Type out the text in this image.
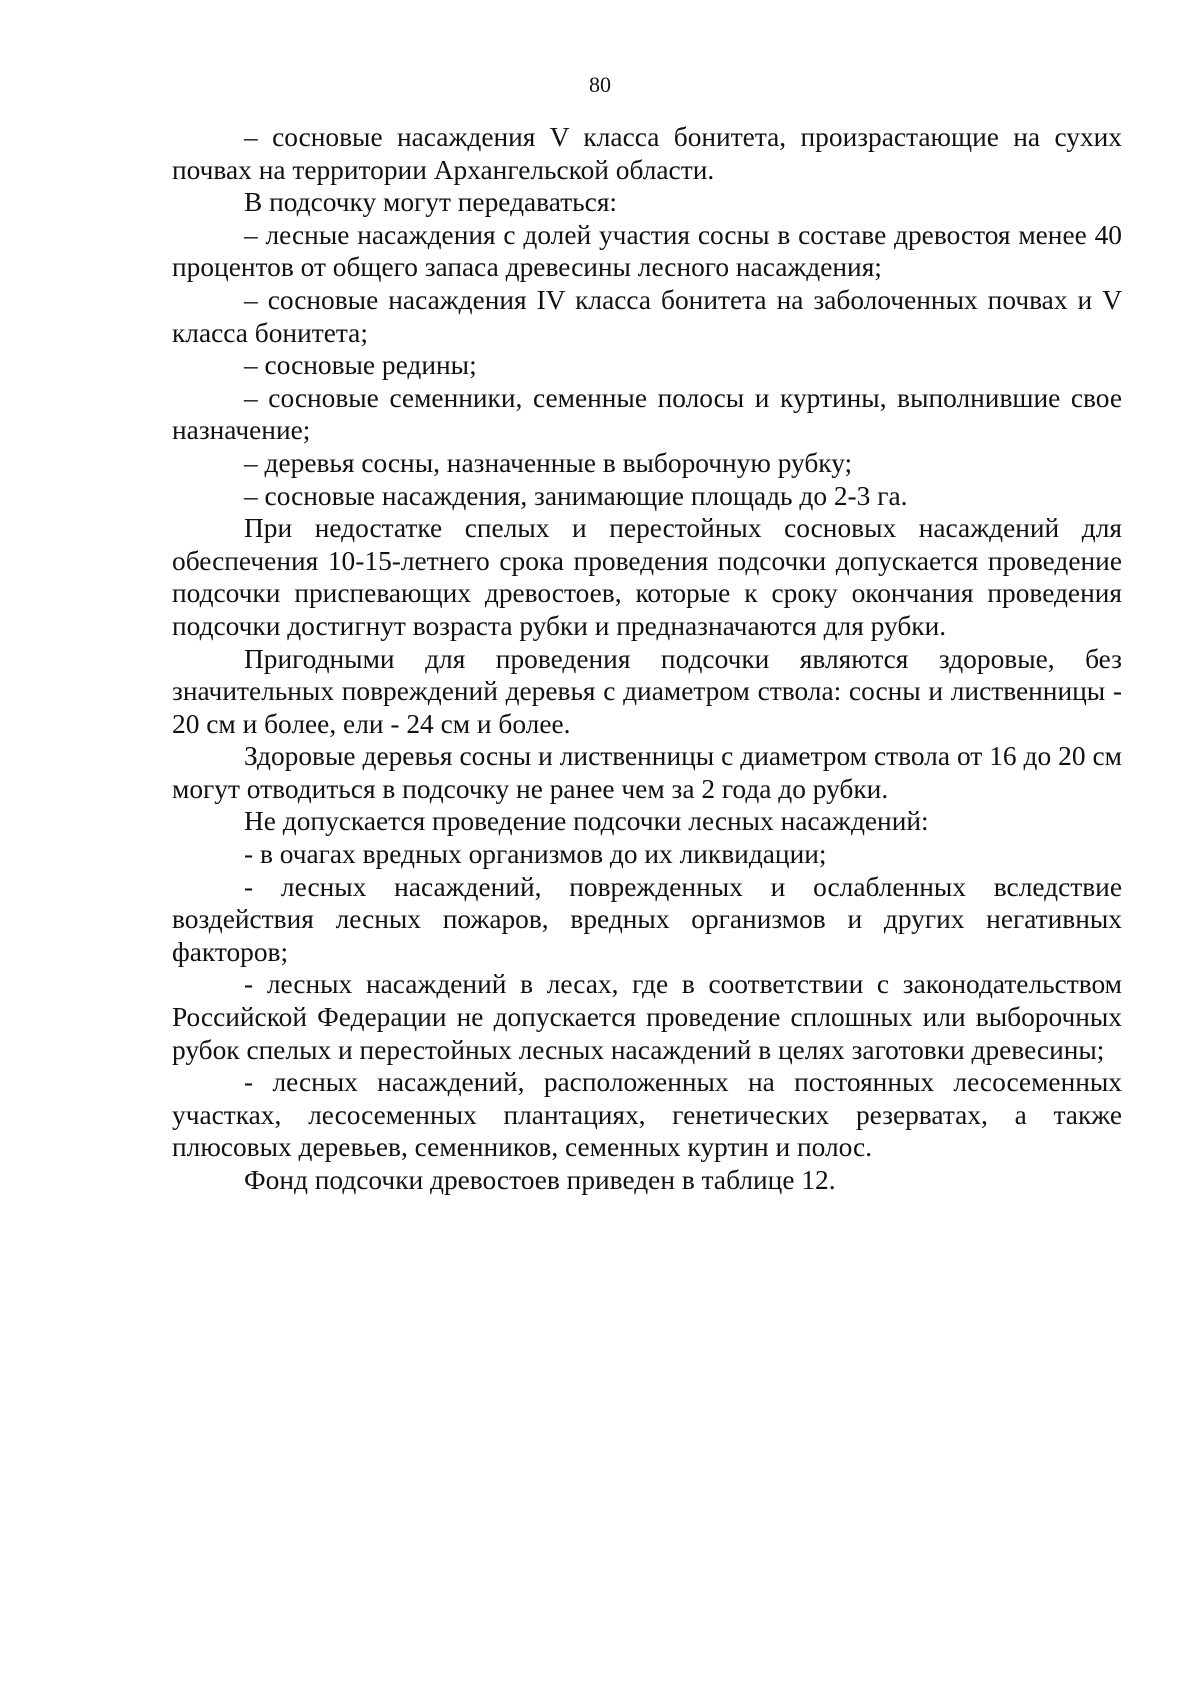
80

– сосновые насаждения V класса бонитета, произрастающие на сухих почвах на территории Архангельской области.

В подсочку могут передаваться:

– лесные насаждения с долей участия сосны в составе древостоя менее 40 процентов от общего запаса древесины лесного насаждения;

– сосновые насаждения IV класса бонитета на заболоченных почвах и V класса бонитета;

– сосновые редины;

– сосновые семенники, семенные полосы и куртины, выполнившие свое назначение;

– деревья сосны, назначенные в выборочную рубку;

– сосновые насаждения, занимающие площадь до 2-3 га.

При недостатке спелых и перестойных сосновых насаждений для обеспечения 10-15-летнего срока проведения подсочки допускается проведение подсочки приспевающих древостоев, которые к сроку окончания проведения подсочки достигнут возраста рубки и предназначаются для рубки.

Пригодными для проведения подсочки являются здоровые, без значительных повреждений деревья с диаметром ствола: сосны и лиственницы - 20 см и более, ели - 24 см и более.

Здоровые деревья сосны и лиственницы с диаметром ствола от 16 до 20 см могут отводиться в подсочку не ранее чем за 2 года до рубки.

Не допускается проведение подсочки лесных насаждений:

- в очагах вредных организмов до их ликвидации;

- лесных насаждений, поврежденных и ослабленных вследствие воздействия лесных пожаров, вредных организмов и других негативных факторов;

- лесных насаждений в лесах, где в соответствии с законодательством Российской Федерации не допускается проведение сплошных или выборочных рубок спелых и перестойных лесных насаждений в целях заготовки древесины;

- лесных насаждений, расположенных на постоянных лесосеменных участках, лесосеменных плантациях, генетических резерватах, а также плюсовых деревьев, семенников, семенных куртин и полос.

Фонд подсочки древостоев приведен в таблице 12.
